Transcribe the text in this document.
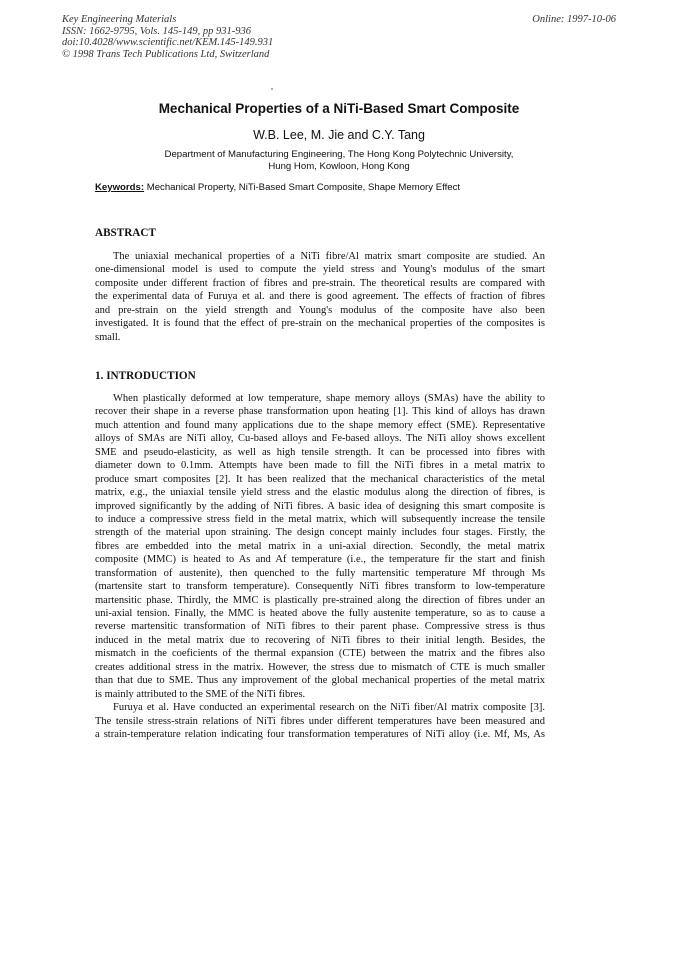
Key Engineering Materials
ISSN: 1662-9795, Vols. 145-149, pp 931-936
doi:10.4028/www.scientific.net/KEM.145-149.931
© 1998 Trans Tech Publications Ltd, Switzerland
Online: 1997-10-06
Mechanical Properties of a NiTi-Based Smart Composite
W.B. Lee, M. Jie and C.Y. Tang
Department of Manufacturing Engineering, The Hong Kong Polytechnic University,
Hung Hom, Kowloon, Hong Kong
Keywords: Mechanical Property, NiTi-Based Smart Composite, Shape Memory Effect
ABSTRACT
The uniaxial mechanical properties of a NiTi fibre/Al matrix smart composite are studied. An
one-dimensional model is used to compute the yield stress and Young's modulus of the smart
composite under different fraction of fibres and pre-strain. The theoretical results are compared with
the experimental data of Furuya et al. and there is good agreement. The effects of fraction of fibres
and pre-strain on the yield strength and Young's modulus of the composite have also been
investigated. It is found that the effect of pre-strain on the mechanical properties of the composites is
small.
1. INTRODUCTION
When plastically deformed at low temperature, shape memory alloys (SMAs) have the ability to
recover their shape in a reverse phase transformation upon heating [1]. This kind of alloys has drawn
much attention and found many applications due to the shape memory effect (SME). Representative
alloys of SMAs are NiTi alloy, Cu-based alloys and Fe-based alloys. The NiTi alloy shows excellent
SME and pseudo-elasticity, as well as high tensile strength. It can be processed into fibres with
diameter down to 0.1mm. Attempts have been made to fill the NiTi fibres in a metal matrix to
produce smart composites [2]. It has been realized that the mechanical characteristics of the metal
matrix, e.g., the uniaxial tensile yield stress and the elastic modulus along the direction of fibres, is
improved significantly by the adding of NiTi fibres. A basic idea of designing this smart composite is
to induce a compressive stress field in the metal matrix, which will subsequently increase the tensile
strength of the material upon straining. The design concept mainly includes four stages. Firstly, the
fibres are embedded into the metal matrix in a uni-axial direction. Secondly, the metal matrix
composite (MMC) is heated to As and Af temperature (i.e., the temperature fir the start and finish
transformation of austenite), then quenched to the fully martensitic temperature Mf through Ms
(martensite start to transform temperature). Consequently NiTi fibres transform to low-temperature
martensitic phase. Thirdly, the MMC is plastically pre-strained along the direction of fibres under an
uni-axial tension. Finally, the MMC is heated above the fully austenite temperature, so as to cause a
reverse martensitic transformation of NiTi fibres to their parent phase. Compressive stress is thus
induced in the metal matrix due to recovering of NiTi fibres to their initial length. Besides, the
mismatch in the coeficients of the thermal expansion (CTE) between the matrix and the fibres also
creates additional stress in the matrix. However, the stress due to mismatch of CTE is much smaller
than that due to SME. Thus any improvement of the global mechanical properties of the metal matrix
is mainly attributed to the SME of the NiTi fibres.
Furuya et al. Have conducted an experimental research on the NiTi fiber/Al matrix composite [3].
The tensile stress-strain relations of NiTi fibres under different temperatures have been measured and
a strain-temperature relation indicating four transformation temperatures of NiTi alloy (i.e. Mf, Ms, As
